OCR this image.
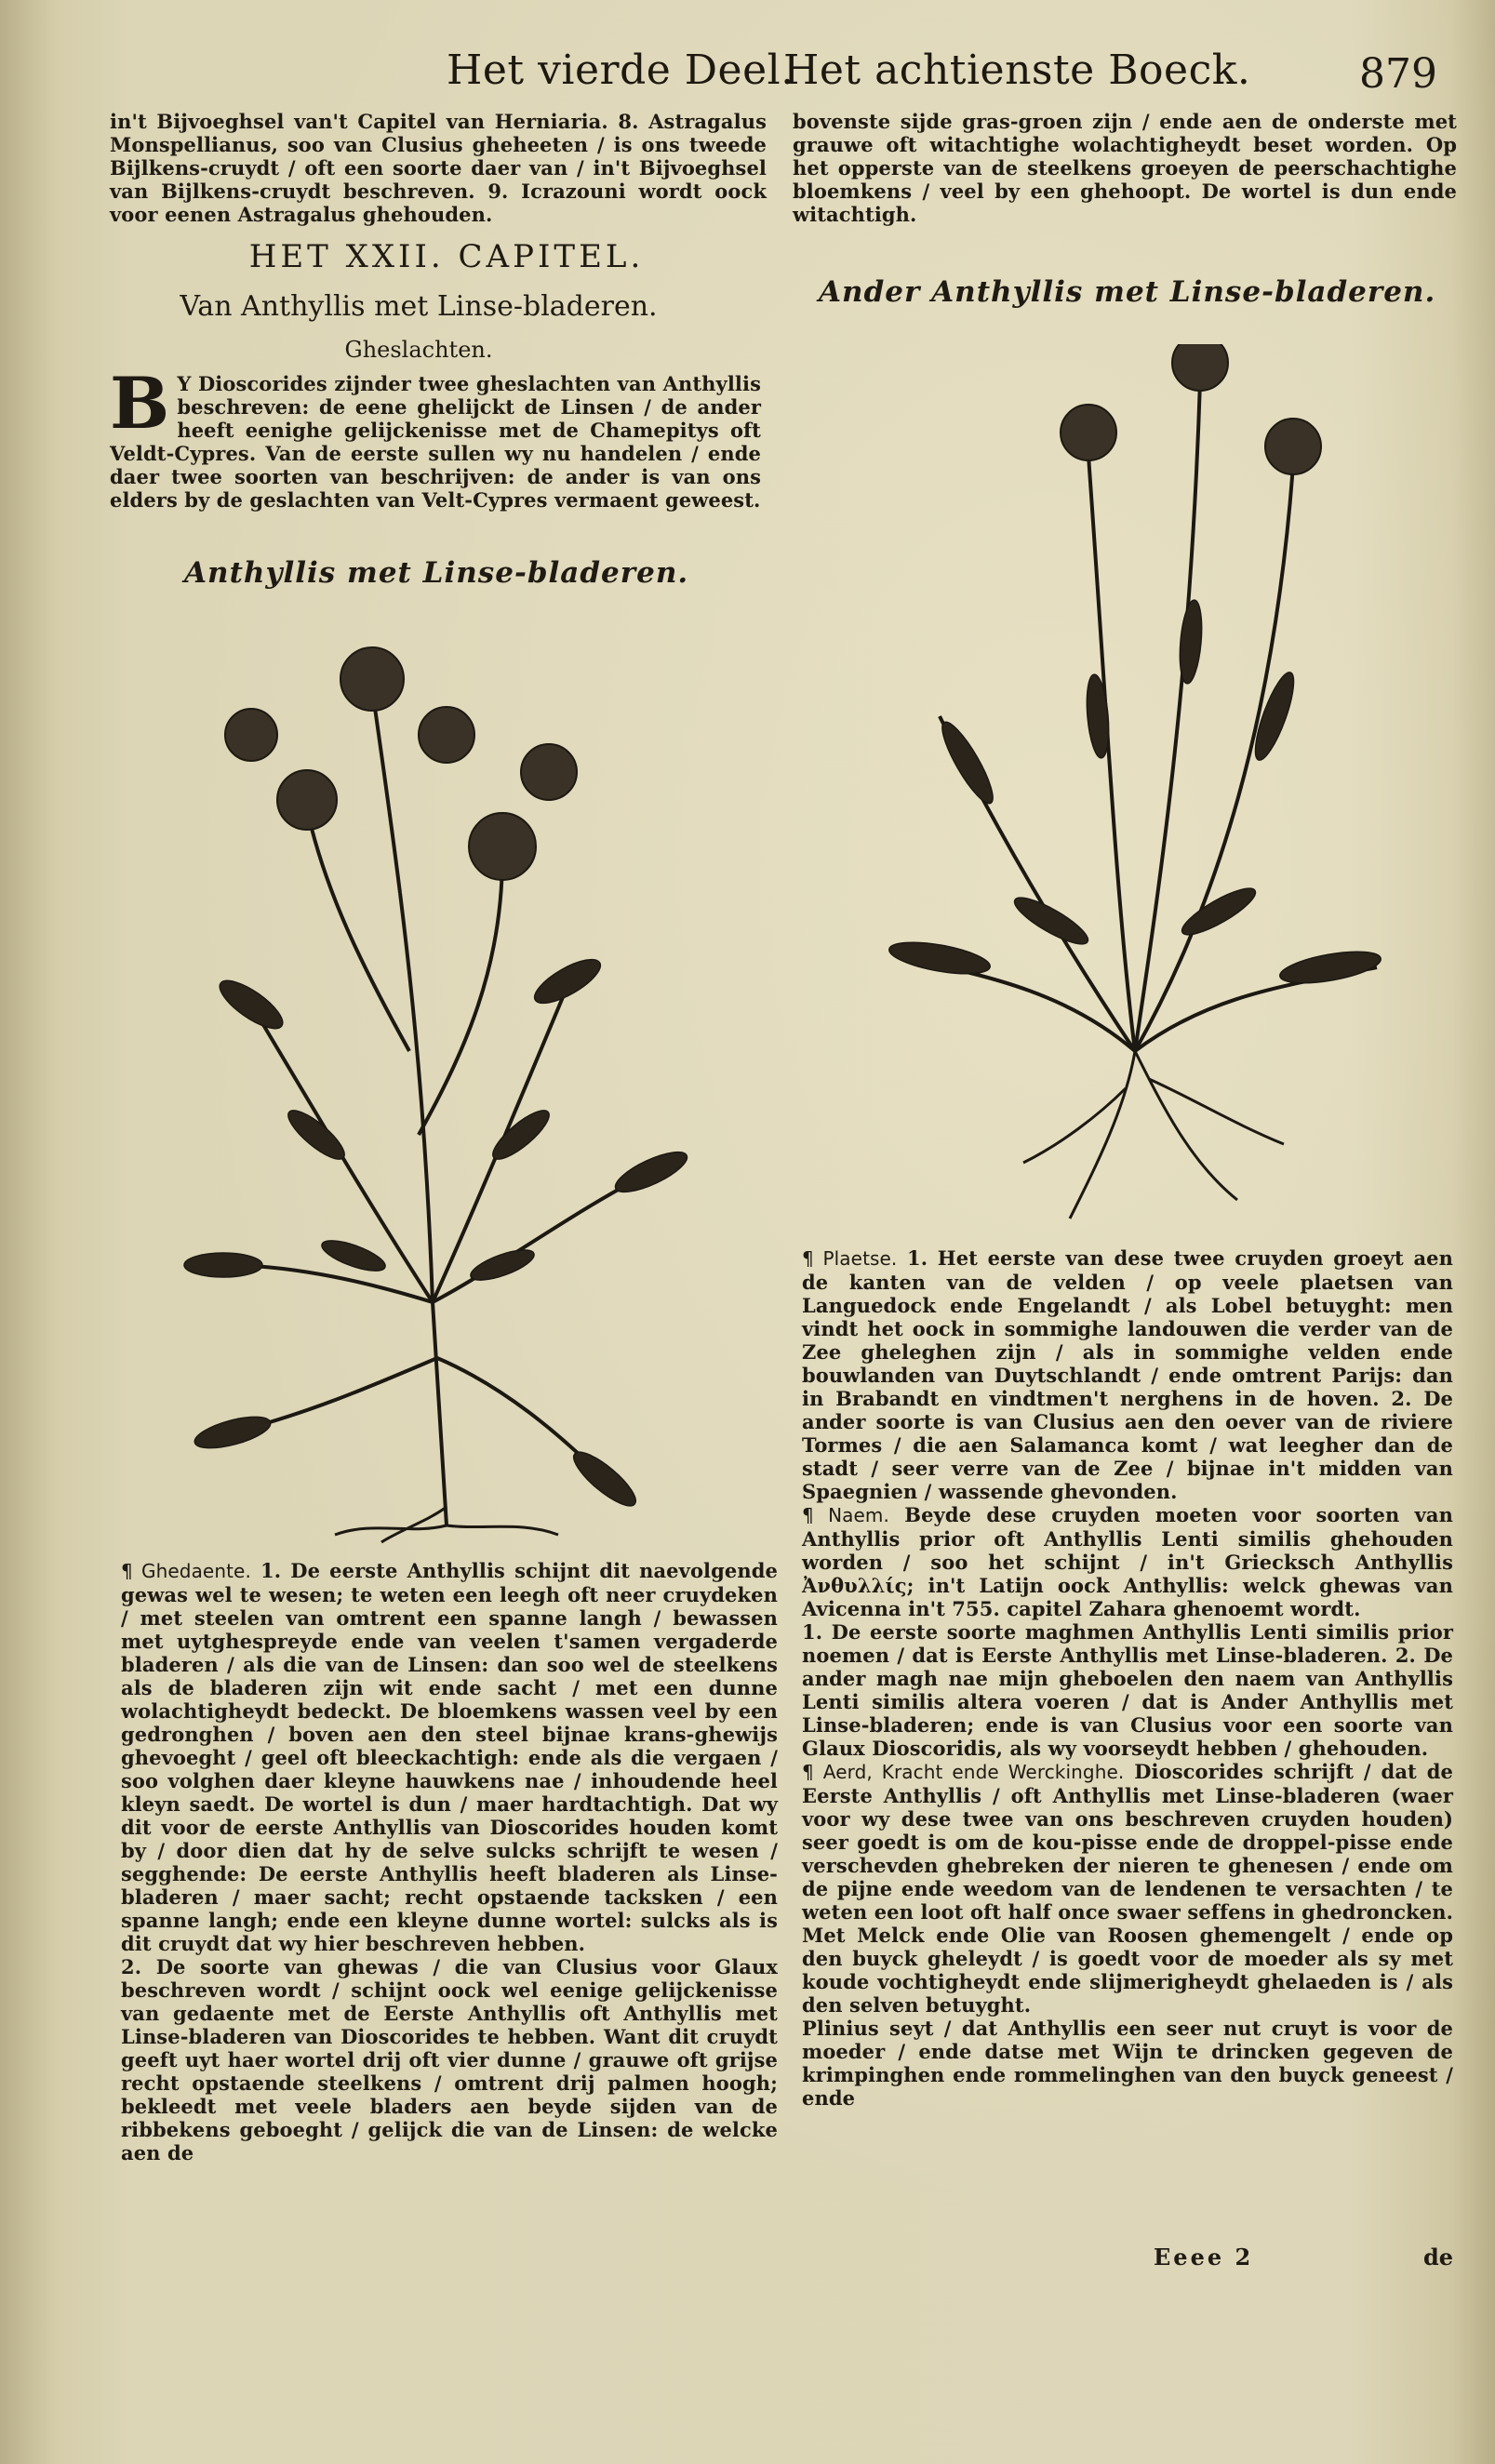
Het vierde Deel.
Het achtienste Boeck.	879
in't Bijvoeghsel van't Capitel van Herniaria. 8. Astragalus Monspellianus, soo van Clusius gheheeten / is ons tweede Bijlkens-cruydt / oft een soorte daer van / in't Bijvoeghsel van Bijlkens-cruydt beschreven. 9. Icrazouni wordt oock voor eenen Astragalus ghehouden.
bovenste sijde gras-groen zijn / ende aen de onderste met grauwe oft witachtighe wolachtigheydt beset worden. Op het opperste van de steelkens groeyen de peerschachtighe bloemkens / veel by een ghehoopt. De wortel is dun ende witachtigh.
HET XXII. CAPITEL.
Van Anthyllis met Linse-bladeren.
Gheslachten.
B Y Dioscorides zijnder twee gheslachten van Anthyllis beschreven: de eene ghelijckt de Linsen / de ander heeft eenighe gelijckenisse met de Chamepitys oft Veldt-Cypres. Van de eerste sullen wy nu handelen / ende daer twee soorten van beschrijven: de ander is van ons elders by de geslachten van Velt-Cypres vermaent geweest.
Anthyllis met Linse-bladeren.
Ander Anthyllis met Linse-bladeren.

¶ Ghedaente. 1. De eerste Anthyllis schijnt dit naevolgende gewas wel te wesen; te weten een leegh oft neer cruydeken / met steelen van omtrent een spanne langh / bewassen met uytghespreyde ende van veelen t'samen vergaderde bladeren / als die van de Linsen: dan soo wel de steelkens als de bladeren zijn wit ende sacht / met een dunne wolachtigheydt bedeckt. De bloemkens wassen veel by een gedronghen / boven aen den steel bijnae krans-ghewijs ghevoeght / geel oft bleeckachtigh: ende als die vergaen / soo volghen daer kleyne hauwkens nae / inhoudende heel kleyn saedt. De wortel is dun / maer hardtachtigh. Dat wy dit voor de eerste Anthyllis van Dioscorides houden komt by / door dien dat hy de selve sulcks schrijft te wesen / segghende: De eerste Anthyllis heeft bladeren als Linse-bladeren / maer sacht; recht opstaende tacksken / een spanne langh; ende een kleyne dunne wortel: sulcks als is dit cruydt dat wy hier beschreven hebben.

2. De soorte van ghewas / die van Clusius voor Glaux beschreven wordt / schijnt oock wel eenige gelijckenisse van gedaente met de Eerste Anthyllis oft Anthyllis met Linse-bladeren van Dioscorides te hebben. Want dit cruydt geeft uyt haer wortel drij oft vier dunne / grauwe oft grijse recht opstaende steelkens / omtrent drij palmen hoogh; bekleedt met veele bladers aen beyde sijden van de ribbekens geboeght / gelijck die van de Linsen: de welcke aen de

¶ Plaetse. 1. Het eerste van dese twee cruyden groeyt aen de kanten van de velden / op veele plaetsen van Languedock ende Engelandt / als Lobel betuyght: men vindt het oock in sommighe landouwen die verder van de Zee gheleghen zijn / als in sommighe velden ende bouwlanden van Duytschlandt / ende omtrent Parijs: dan in Brabandt en vindtmen't nerghens in de hoven. 2. De ander soorte is van Clusius aen den oever van de riviere Tormes / die aen Salamanca komt / wat leegher dan de stadt / seer verre van de Zee / bijnae in't midden van Spaegnien / wassende ghevonden.

¶ Naem. Beyde dese cruyden moeten voor soorten van Anthyllis prior oft Anthyllis Lenti similis ghehouden worden / soo het schijnt / in't Griecksch Anthyllis Ἀνθυλλίς; in't Latijn oock Anthyllis: welck ghewas van Avicenna in't 755. capitel Zahara ghenoemt wordt.

1. De eerste soorte maghmen Anthyllis Lenti similis prior noemen / dat is Eerste Anthyllis met Linse-bladeren. 2. De ander magh nae mijn gheboelen den naem van Anthyllis Lenti similis altera voeren / dat is Ander Anthyllis met Linse-bladeren; ende is van Clusius voor een soorte van Glaux Dioscoridis, als wy voorseydt hebben / ghehouden.

¶ Aerd, Kracht ende Werckinghe. Dioscorides schrijft / dat de Eerste Anthyllis / oft Anthyllis met Linse-bladeren (waer voor wy dese twee van ons beschreven cruyden houden) seer goedt is om de kou-pisse ende de droppel-pisse ende verschevden ghebreken der nieren te ghenesen / ende om de pijne ende weedom van de lendenen te versachten / te weten een loot oft half once swaer seffens in ghedroncken. Met Melck ende Olie van Roosen ghemengelt / ende op den buyck gheleydt / is goedt voor de moeder als sy met koude vochtigheydt ende slijmerigheydt ghelaeden is / als den selven betuyght.

Plinius seyt / dat Anthyllis een seer nut cruyt is voor de moeder / ende datse met Wijn te drincken gegeven de krimpinghen ende rommelinghen van den buyck geneest / ende

Eeee 2	de
